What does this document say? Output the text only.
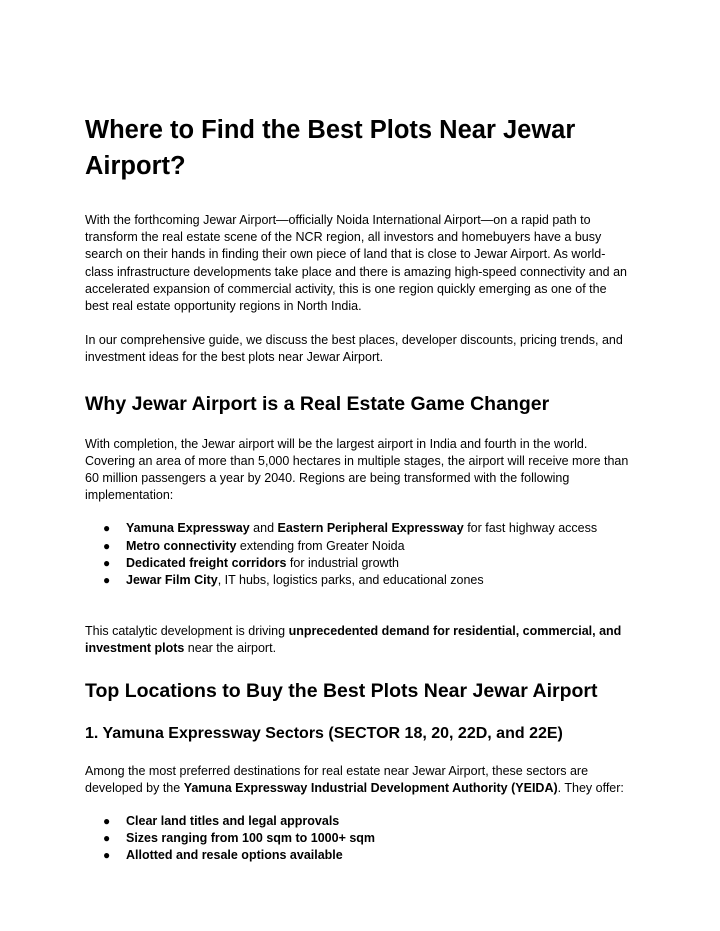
Where to Find the Best Plots Near Jewar Airport?

With the forthcoming Jewar Airport—officially Noida International Airport—on a rapid path to transform the real estate scene of the NCR region, all investors and homebuyers have a busy search on their hands in finding their own piece of land that is close to Jewar Airport. As world-class infrastructure developments take place and there is amazing high-speed connectivity and an accelerated expansion of commercial activity, this is one region quickly emerging as one of the best real estate opportunity regions in North India.

In our comprehensive guide, we discuss the best places, developer discounts, pricing trends, and investment ideas for the best plots near Jewar Airport.

Why Jewar Airport is a Real Estate Game Changer

With completion, the Jewar airport will be the largest airport in India and fourth in the world. Covering an area of more than 5,000 hectares in multiple stages, the airport will receive more than 60 million passengers a year by 2040. Regions are being transformed with the following implementation:

● Yamuna Expressway and Eastern Peripheral Expressway for fast highway access
● Metro connectivity extending from Greater Noida
● Dedicated freight corridors for industrial growth
● Jewar Film City, IT hubs, logistics parks, and educational zones

This catalytic development is driving unprecedented demand for residential, commercial, and investment plots near the airport.

Top Locations to Buy the Best Plots Near Jewar Airport
1. Yamuna Expressway Sectors (SECTOR 18, 20, 22D, and 22E)

Among the most preferred destinations for real estate near Jewar Airport, these sectors are developed by the Yamuna Expressway Industrial Development Authority (YEIDA). They offer:

● Clear land titles and legal approvals
● Sizes ranging from 100 sqm to 1000+ sqm
● Allotted and resale options available
